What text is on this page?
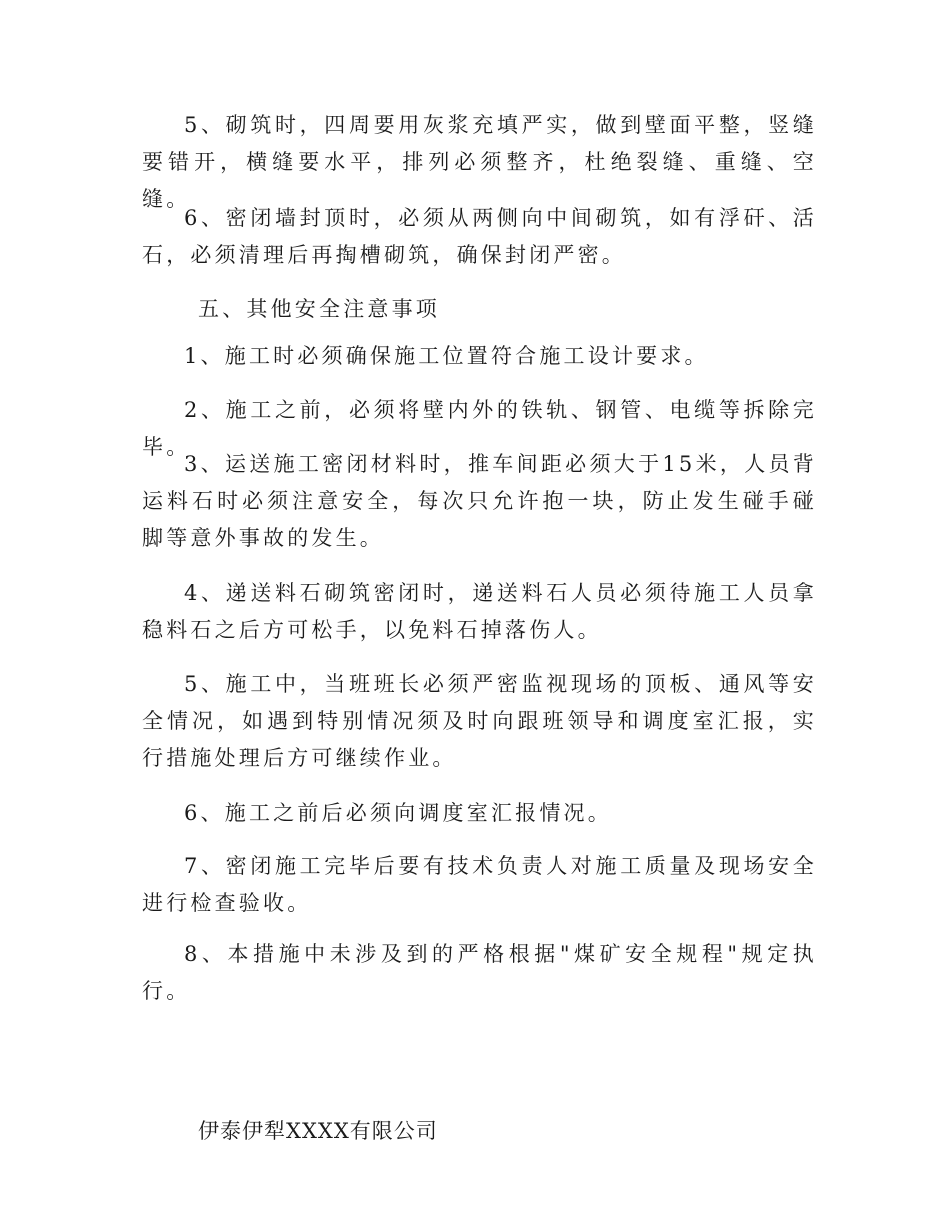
5、砌筑时，四周要用灰浆充填严实，做到壁面平整，竖缝要错开，横缝要水平，排列必须整齐，杜绝裂缝、重缝、空缝。

6、密闭墙封顶时，必须从两侧向中间砌筑，如有浮矸、活石，必须清理后再掏槽砌筑，确保封闭严密。

五、其他安全注意事项

1、施工时必须确保施工位置符合施工设计要求。

2、施工之前，必须将壁内外的铁轨、钢管、电缆等拆除完毕。

3、运送施工密闭材料时，推车间距必须大于15米，人员背运料石时必须注意安全，每次只允许抱一块，防止发生碰手碰脚等意外事故的发生。

4、递送料石砌筑密闭时，递送料石人员必须待施工人员拿稳料石之后方可松手，以免料石掉落伤人。

5、施工中，当班班长必须严密监视现场的顶板、通风等安全情况，如遇到特别情况须及时向跟班领导和调度室汇报，实行措施处理后方可继续作业。

6、施工之前后必须向调度室汇报情况。

7、密闭施工完毕后要有技术负责人对施工质量及现场安全进行检查验收。

8、本措施中未涉及到的严格根据"煤矿安全规程"规定执行。

伊泰伊犁XXXX有限公司
